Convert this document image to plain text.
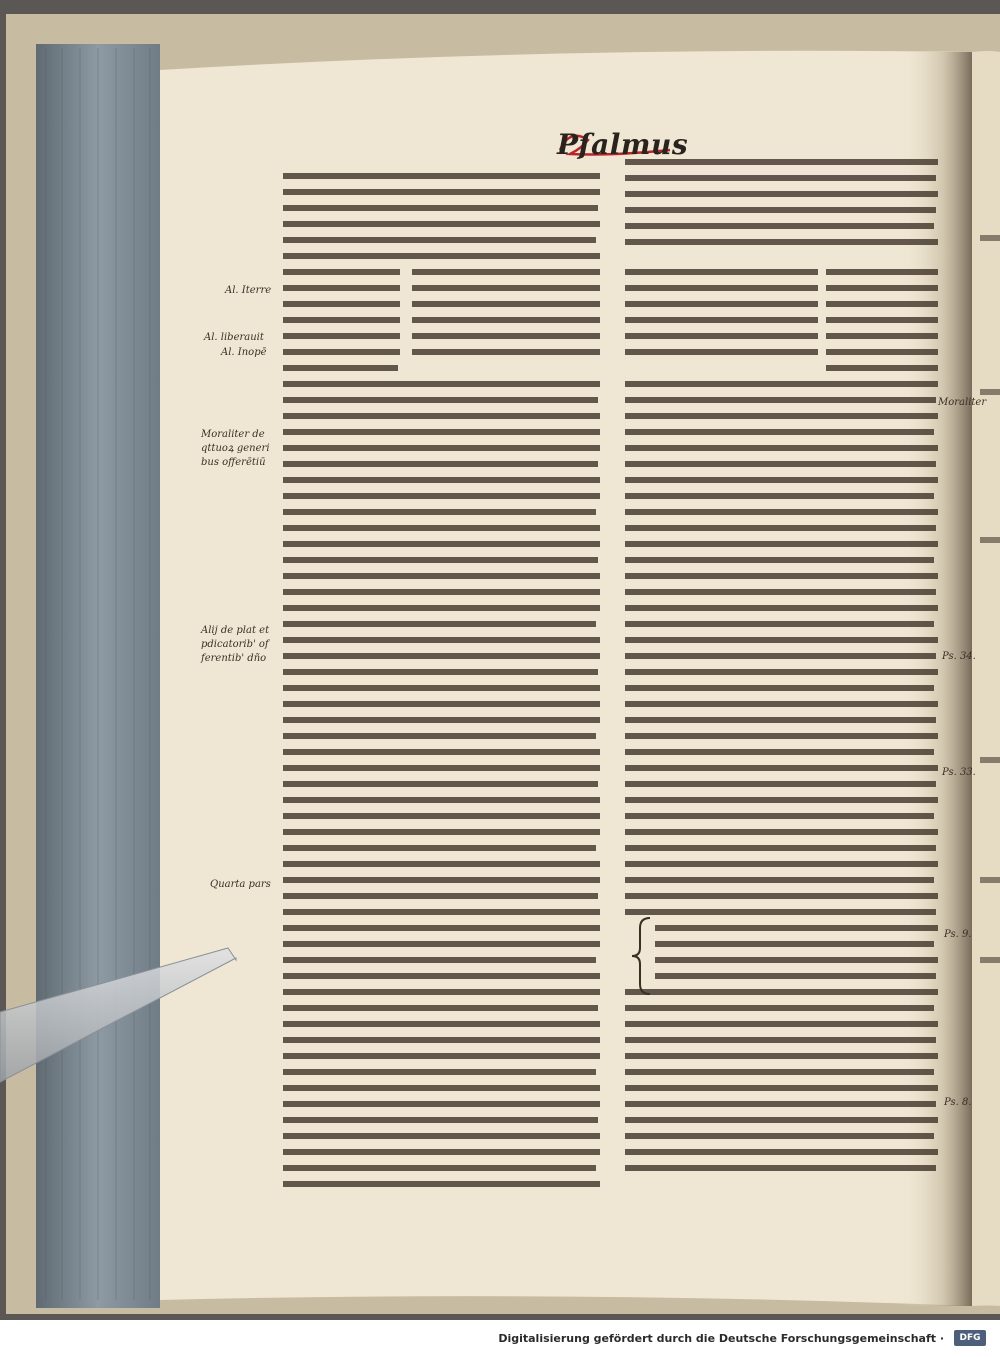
Pſalmus
Al. Iterre
Al. liberauit
Al. Inopē
Moraliter de
qttuoꝝ generi
bus offerētiū
Alij de plat et
pdicatorib' of
ferentib' dño
Quarta pars
Moraliter
Ps. 34.
Ps. 33.
Ps. 9.
Ps. 8.
Digitalisierung gefördert durch die Deutsche Forschungsgemeinschaft ·	DFG
